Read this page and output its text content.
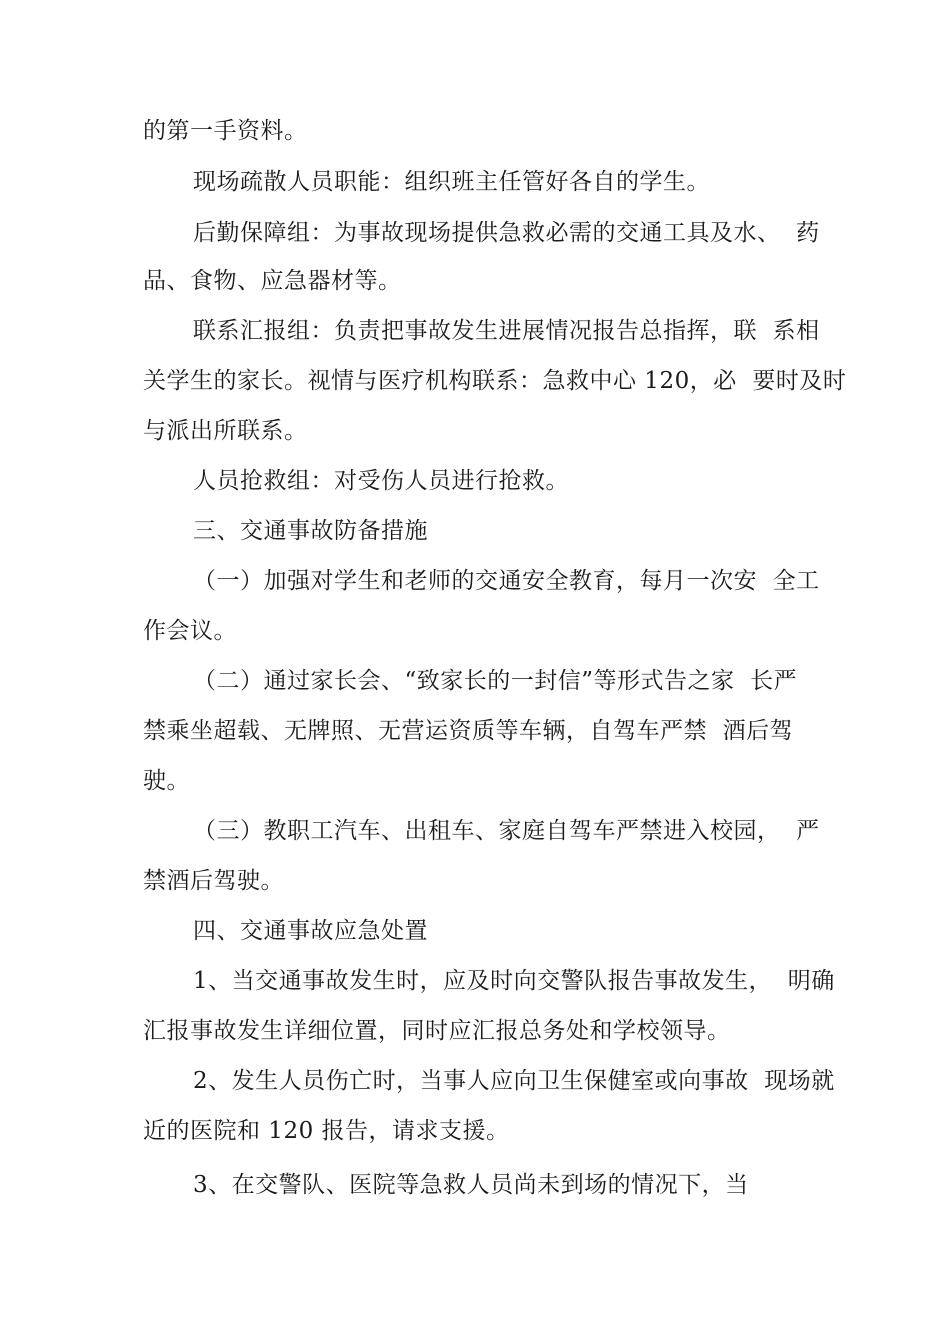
的第一手资料。
现场疏散人员职能：组织班主任管好各自的学生。
后勤保障组：为事故现场提供急救必需的交通工具及水、  药
品、食物、应急器材等。
联系汇报组：负责把事故发生进展情况报告总指挥，联  系相
关学生的家长。视情与医疗机构联系：急救中心 120，必  要时及时
与派出所联系。
人员抢救组：对受伤人员进行抢救。
三、交通事故防备措施
（一）加强对学生和老师的交通安全教育，每月一次安  全工
作会议。
（二）通过家长会、“致家长的一封信”等形式告之家  长严
禁乘坐超载、无牌照、无营运资质等车辆，自驾车严禁  酒后驾
驶。
（三）教职工汽车、出租车、家庭自驾车严禁进入校园，  严
禁酒后驾驶。
四、交通事故应急处置
1、当交通事故发生时，应及时向交警队报告事故发生，  明确
汇报事故发生详细位置，同时应汇报总务处和学校领导。
2、发生人员伤亡时，当事人应向卫生保健室或向事故  现场就
近的医院和 120 报告，请求支援。
3、在交警队、医院等急救人员尚未到场的情况下，当
